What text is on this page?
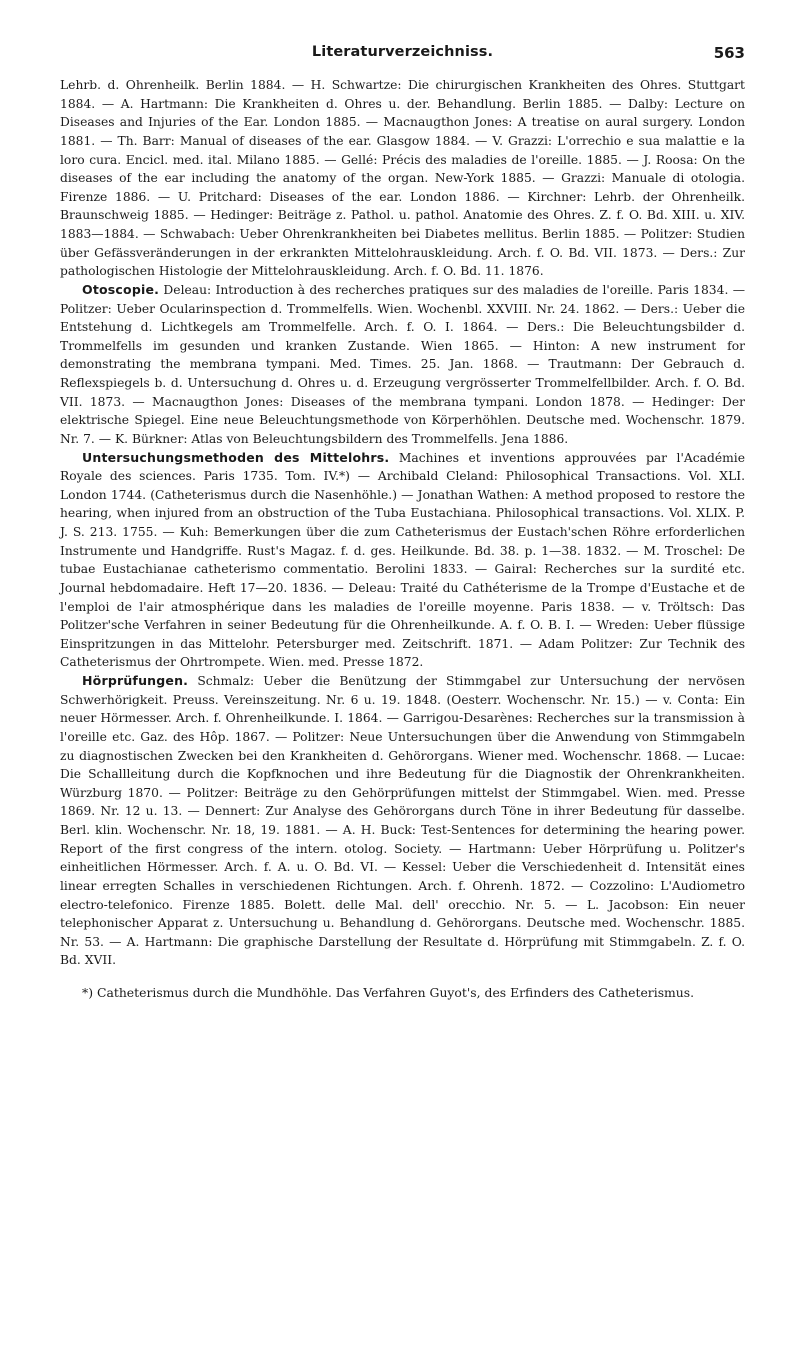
Literaturverzeichniss.	563

Lehrb. d. Ohrenheilk. Berlin 1884. — H. Schwartze: Die chirurgischen Krankheiten des Ohres. Stuttgart 1884. — A. Hartmann: Die Krankheiten d. Ohres u. der. Behandlung. Berlin 1885. — Dalby: Lecture on Diseases and Injuries of the Ear. London 1885. — Macnaugthon Jones: A treatise on aural surgery. London 1881. — Th. Barr: Manual of diseases of the ear. Glasgow 1884. — V. Grazzi: L'orrechio e sua malattie e la loro cura. Encicl. med. ital. Milano 1885. — Gellé: Précis des maladies de l'oreille. 1885. — J. Roosa: On the diseases of the ear including the anatomy of the organ. New-York 1885. — Grazzi: Manuale di otologia. Firenze 1886. — U. Pritchard: Diseases of the ear. London 1886. — Kirchner: Lehrb. der Ohrenheilk. Braunschweig 1885. — Hedinger: Beiträge z. Pathol. u. pathol. Anatomie des Ohres. Z. f. O. Bd. XIII. u. XIV. 1883—1884. — Schwabach: Ueber Ohrenkrankheiten bei Diabetes mellitus. Berlin 1885. — Politzer: Studien über Gefässveränderungen in der erkrankten Mittelohrauskleidung. Arch. f. O. Bd. VII. 1873. — Ders.: Zur pathologischen Histologie der Mittelohrauskleidung. Arch. f. O. Bd. 11. 1876.

Otoscopie. Deleau: Introduction à des recherches pratiques sur des maladies de l'oreille. Paris 1834. — Politzer: Ueber Ocularinspection d. Trommelfells. Wien. Wochenbl. XXVIII. Nr. 24. 1862. — Ders.: Ueber die Entstehung d. Lichtkegels am Trommelfelle. Arch. f. O. I. 1864. — Ders.: Die Beleuchtungsbilder d. Trommelfells im gesunden und kranken Zustande. Wien 1865. — Hinton: A new instrument for demonstrating the membrana tympani. Med. Times. 25. Jan. 1868. — Trautmann: Der Gebrauch d. Reflexspiegels b. d. Untersuchung d. Ohres u. d. Erzeugung vergrösserter Trommelfellbilder. Arch. f. O. Bd. VII. 1873. — Macnaugthon Jones: Diseases of the membrana tympani. London 1878. — Hedinger: Der elektrische Spiegel. Eine neue Beleuchtungsmethode von Körperhöhlen. Deutsche med. Wochenschr. 1879. Nr. 7. — K. Bürkner: Atlas von Beleuchtungsbildern des Trommelfells. Jena 1886.

Untersuchungsmethoden des Mittelohrs. Machines et inventions approuvées par l'Académie Royale des sciences. Paris 1735. Tom. IV.*) — Archibald Cleland: Philosophical Transactions. Vol. XLI. London 1744. (Catheterismus durch die Nasenhöhle.) — Jonathan Wathen: A method proposed to restore the hearing, when injured from an obstruction of the Tuba Eustachiana. Philosophical transactions. Vol. XLIX. P. J. S. 213. 1755. — Kuh: Bemerkungen über die zum Catheterismus der Eustach'schen Röhre erforderlichen Instrumente und Handgriffe. Rust's Magaz. f. d. ges. Heilkunde. Bd. 38. p. 1—38. 1832. — M. Troschel: De tubae Eustachianae catheterismo commentatio. Berolini 1833. — Gairal: Recherches sur la surdité etc. Journal hebdomadaire. Heft 17—20. 1836. — Deleau: Traité du Cathéterisme de la Trompe d'Eustache et de l'emploi de l'air atmosphérique dans les maladies de l'oreille moyenne. Paris 1838. — v. Tröltsch: Das Politzer'sche Verfahren in seiner Bedeutung für die Ohrenheilkunde. A. f. O. B. I. — Wreden: Ueber flüssige Einspritzungen in das Mittelohr. Petersburger med. Zeitschrift. 1871. — Adam Politzer: Zur Technik des Catheterismus der Ohrtrompete. Wien. med. Presse 1872.

Hörprüfungen. Schmalz: Ueber die Benützung der Stimmgabel zur Untersuchung der nervösen Schwerhörigkeit. Preuss. Vereinszeitung. Nr. 6 u. 19. 1848. (Oesterr. Wochenschr. Nr. 15.) — v. Conta: Ein neuer Hörmesser. Arch. f. Ohrenheilkunde. I. 1864. — Garrigou-Desarènes: Recherches sur la transmission à l'oreille etc. Gaz. des Hôp. 1867. — Politzer: Neue Untersuchungen über die Anwendung von Stimmgabeln zu diagnostischen Zwecken bei den Krankheiten d. Gehörorgans. Wiener med. Wochenschr. 1868. — Lucae: Die Schallleitung durch die Kopfknochen und ihre Bedeutung für die Diagnostik der Ohrenkrankheiten. Würzburg 1870. — Politzer: Beiträge zu den Gehörprüfungen mittelst der Stimmgabel. Wien. med. Presse 1869. Nr. 12 u. 13. — Dennert: Zur Analyse des Gehörorgans durch Töne in ihrer Bedeutung für dasselbe. Berl. klin. Wochenschr. Nr. 18, 19. 1881. — A. H. Buck: Test-Sentences for determining the hearing power. Report of the first congress of the intern. otolog. Society. — Hartmann: Ueber Hörprüfung u. Politzer's einheitlichen Hörmesser. Arch. f. A. u. O. Bd. VI. — Kessel: Ueber die Verschiedenheit d. Intensität eines linear erregten Schalles in verschiedenen Richtungen. Arch. f. Ohrenh. 1872. — Cozzolino: L'Audiometro electro-telefonico. Firenze 1885. Bolett. delle Mal. dell' orecchio. Nr. 5. — L. Jacobson: Ein neuer telephonischer Apparat z. Untersuchung u. Behandlung d. Gehörorgans. Deutsche med. Wochenschr. 1885. Nr. 53. — A. Hartmann: Die graphische Darstellung der Resultate d. Hörprüfung mit Stimmgabeln. Z. f. O. Bd. XVII.

*) Catheterismus durch die Mundhöhle. Das Verfahren Guyot's, des Erfinders des Catheterismus.
